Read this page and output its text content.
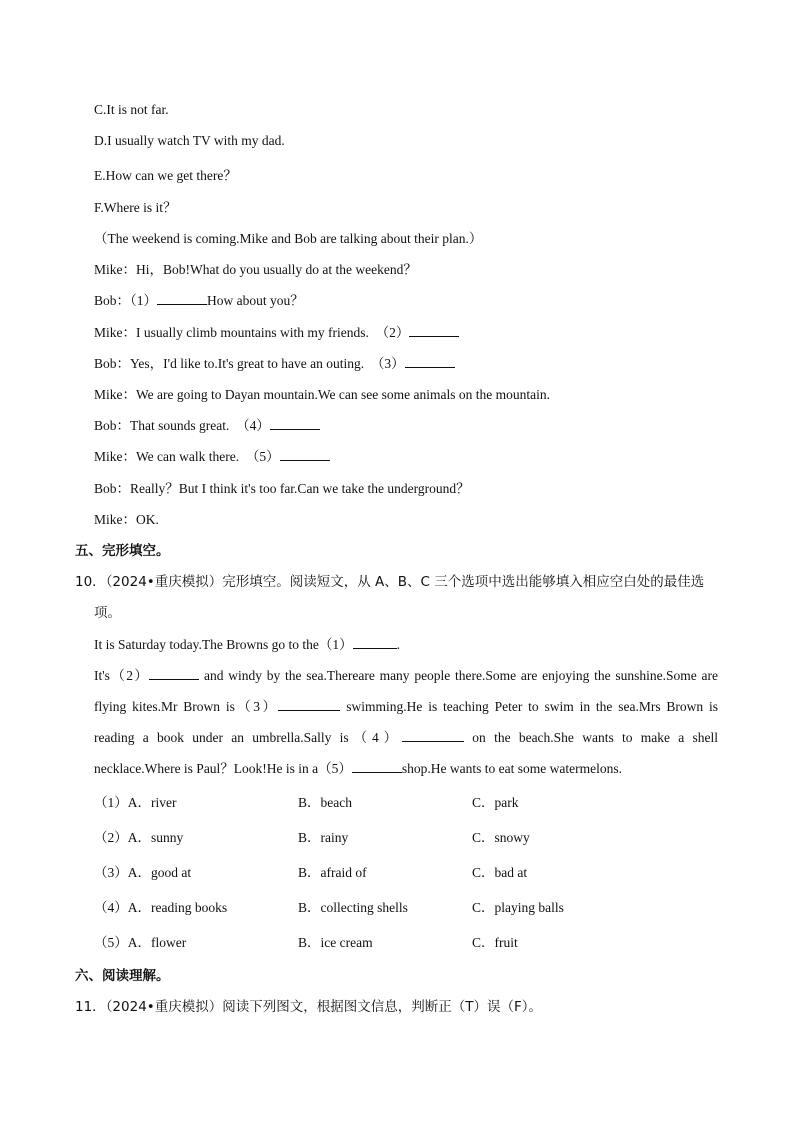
C.It is not far.
D.I usually watch TV with my dad.
E.How can we get there？
F.Where is it？
（The weekend is coming.Mike and Bob are talking about their plan.）
Mike：Hi，Bob!What do you usually do at the weekend？
Bob：（1）	How about you？
Mike：I usually climb mountains with my friends. （2）
Bob：Yes，I'd like to.It's great to have an outing. （3）
Mike：We are going to Dayan mountain.We can see some animals on the mountain.
Bob：That sounds great. （4）
Mike：We can walk there. （5）
Bob：Really？But I think it's too far.Can we take the underground？
Mike：OK.
五、完形填空。
10．（2024•重庆模拟）完形填空。阅读短文，从 A、B、C 三个选项中选出能够填入相应空白处的最佳选
项。
It is Saturday today.The Browns go to the（1）	.
It's（2）	and windy by the sea.Thereare many people there.Some are enjoying the sunshine.Some are
flying kites.Mr Brown is（3）	swimming.He is teaching Peter to swim in the sea.Mrs Brown is
reading a book under an umbrella.Sally is（4）	on the beach.She wants to make a shell
necklace.Where is Paul？Look!He is in a（5）	shop.He wants to eat some watermelons.
（1）A．river	B．beach	C．park
（2）A．sunny	B．rainy	C．snowy
（3）A．good at	B．afraid of	C．bad at
（4）A．reading books	B．collecting shells	C．playing balls
（5）A．flower	B．ice cream	C．fruit
六、阅读理解。
11．（2024•重庆模拟）阅读下列图文，根据图文信息，判断正（T）误（F）。
